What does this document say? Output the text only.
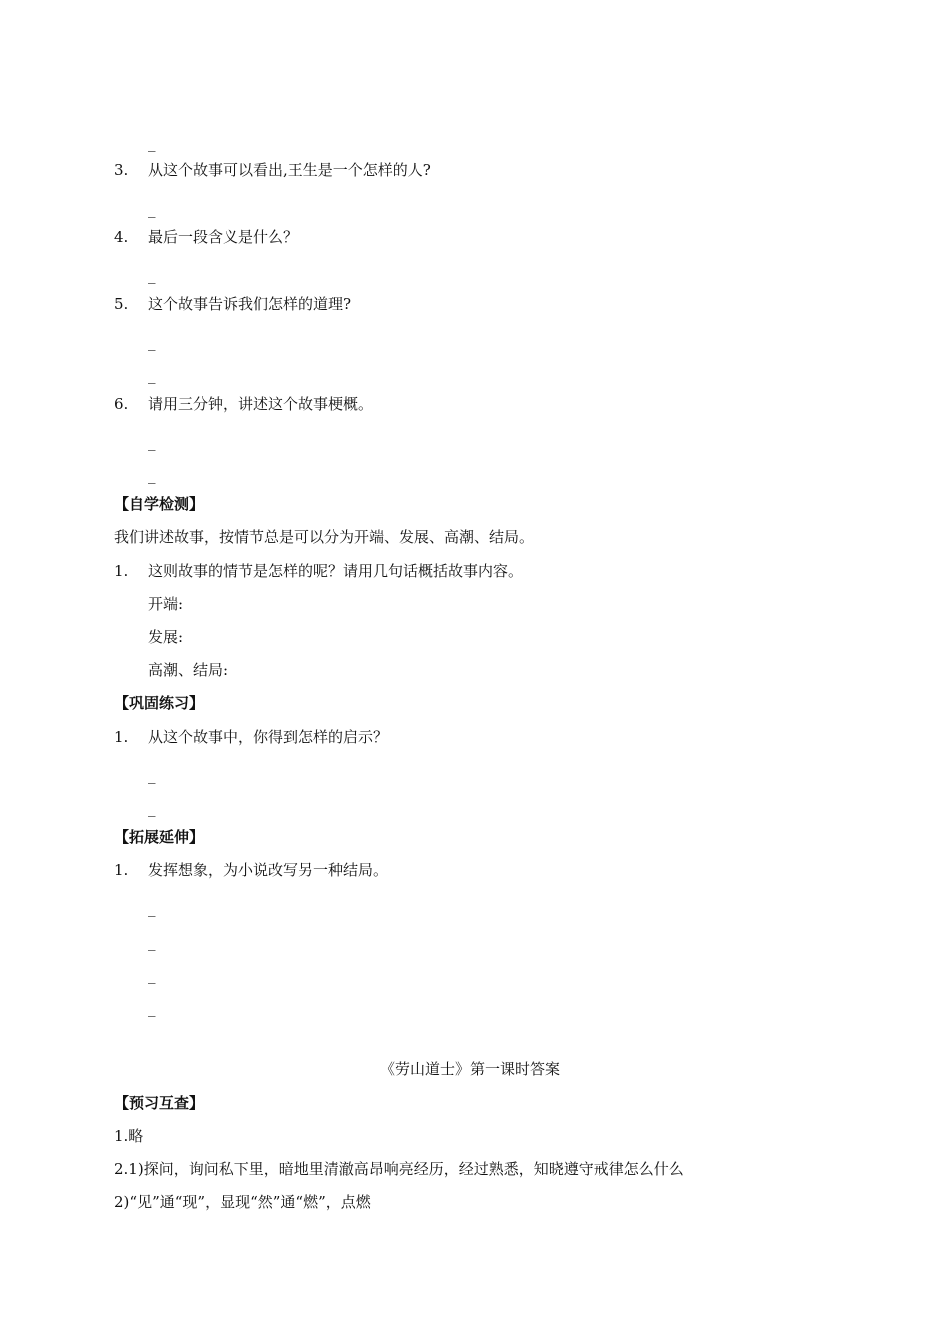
_
3. 从这个故事可以看出,王生是一个怎样的人?
_
4. 最后一段含义是什么？
_
5. 这个故事告诉我们怎样的道理?
_
_
6. 请用三分钟，讲述这个故事梗概。
_
_
【自学检测】
我们讲述故事，按情节总是可以分为开端、发展、高潮、结局。
1. 这则故事的情节是怎样的呢？请用几句话概括故事内容。
开端:
发展:
高潮、结局:
【巩固练习】
1. 从这个故事中，你得到怎样的启示？
_
_
【拓展延伸】
1. 发挥想象，为小说改写另一种结局。
_
_
_
_
《劳山道士》第一课时答案
【预习互查】
1.略
2.1)探问，询问私下里，暗地里清澈高昂响亮经历，经过熟悉，知晓遵守戒律怎么什么
2)“见”通“现”，显现“然”通“燃”，点燃
